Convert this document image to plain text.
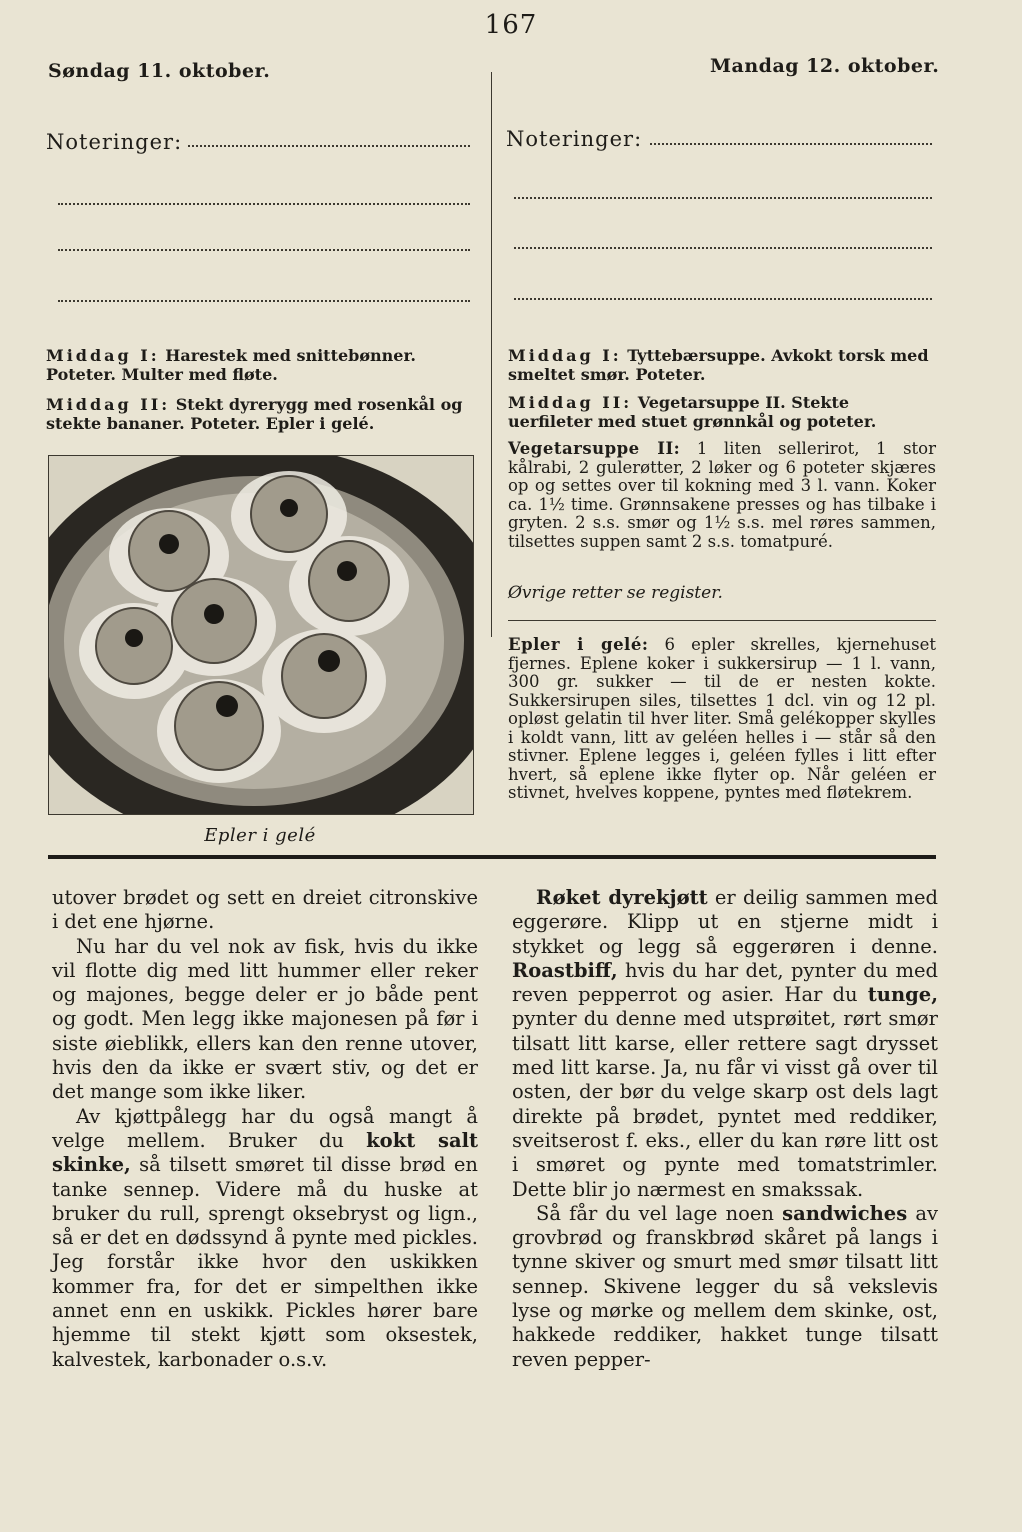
167
Søndag 11. oktober.
Noteringer:
Mandag 12. oktober.
Noteringer:
Middag I: Harestek med snittebønner. Poteter. Multer med fløte.
Middag II: Stekt dyrerygg med rosenkål og stekte bananer. Poteter. Epler i gelé.
Epler i gelé
Middag I: Tyttebærsuppe. Avkokt torsk med smeltet smør. Poteter.
Middag II: Vegetarsuppe II. Stekte uerfileter med stuet grønnkål og poteter.
Vegetarsuppe II: 1 liten sellerirot, 1 stor kålrabi, 2 gulerøtter, 2 løker og 6 poteter skjæres op og settes over til kokning med 3 l. vann. Koker ca. 1½ time. Grønnsakene presses og has tilbake i gryten. 2 s.s. smør og 1½ s.s. mel røres sammen, tilsettes suppen samt 2 s.s. tomatpuré.
Øvrige retter se register.
Epler i gelé: 6 epler skrelles, kjernehuset fjernes. Eplene koker i sukkersirup — 1 l. vann, 300 gr. sukker — til de er nesten kokte. Sukkersirupen siles, tilsettes 1 dcl. vin og 12 pl. opløst gelatin til hver liter. Små gelékopper skylles i koldt vann, litt av geléen helles i — står så den stivner. Eplene legges i, geléen fylles i litt efter hvert, så eplene ikke flyter op. Når geléen er stivnet, hvelves koppene, pyntes med fløtekrem.

utover brødet og sett en dreiet citronskive i det ene hjørne.

Nu har du vel nok av fisk, hvis du ikke vil flotte dig med litt hummer eller reker og majones, begge deler er jo både pent og godt. Men legg ikke majonesen på før i siste øieblikk, ellers kan den renne utover, hvis den da ikke er svært stiv, og det er det mange som ikke liker.

Av kjøttpålegg har du også mangt å velge mellem. Bruker du kokt salt skinke, så tilsett smøret til disse brød en tanke sennep. Videre må du huske at bruker du rull, sprengt oksebryst og lign., så er det en dødssynd å pynte med pickles. Jeg forstår ikke hvor den uskikken kommer fra, for det er simpelthen ikke annet enn en uskikk. Pickles hører bare hjemme til stekt kjøtt som oksestek, kalvestek, karbonader o.s.v.

Røket dyrekjøtt er deilig sammen med eggerøre. Klipp ut en stjerne midt i stykket og legg så eggerøren i denne. Roastbiff, hvis du har det, pynter du med reven pepperrot og asier. Har du tunge, pynter du denne med utsprøitet, rørt smør tilsatt litt karse, eller rettere sagt drysset med litt karse. Ja, nu får vi visst gå over til osten, der bør du velge skarp ost dels lagt direkte på brødet, pyntet med reddiker, sveitserost f. eks., eller du kan røre litt ost i smøret og pynte med tomatstrimler. Dette blir jo nærmest en smakssak.

Så får du vel lage noen sandwiches av grovbrød og franskbrød skåret på langs i tynne skiver og smurt med smør tilsatt litt sennep. Skivene legger du så vekslevis lyse og mørke og mellem dem skinke, ost, hakkede reddiker, hakket tunge tilsatt reven pepper-
